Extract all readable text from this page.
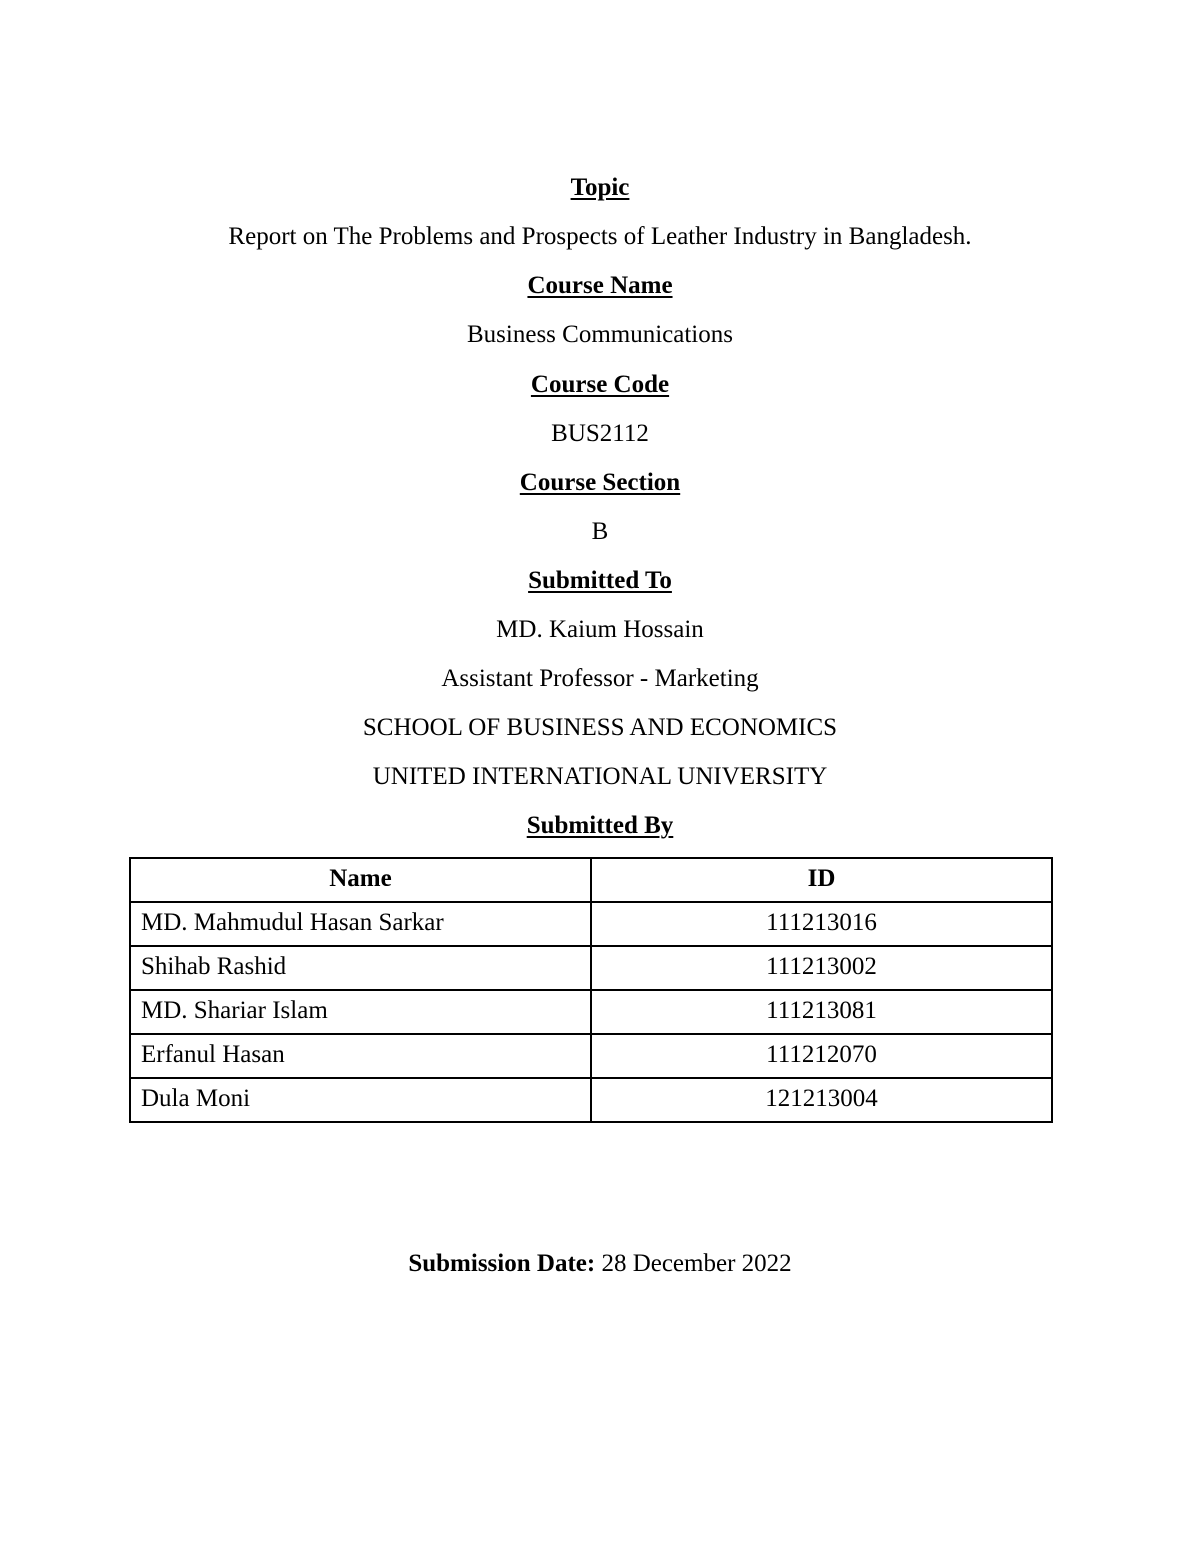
Topic
Report on The Problems and Prospects of Leather Industry in Bangladesh.
Course Name
Business Communications
Course Code
BUS2112
Course Section
B
Submitted To
MD. Kaium Hossain
Assistant Professor - Marketing
SCHOOL OF BUSINESS AND ECONOMICS
UNITED INTERNATIONAL UNIVERSITY
Submitted By
Name	ID
MD. Mahmudul Hasan Sarkar	111213016
Shihab Rashid	111213002
MD. Shariar Islam	111213081
Erfanul Hasan	111212070
Dula Moni	121213004
Submission Date: 28 December 2022
